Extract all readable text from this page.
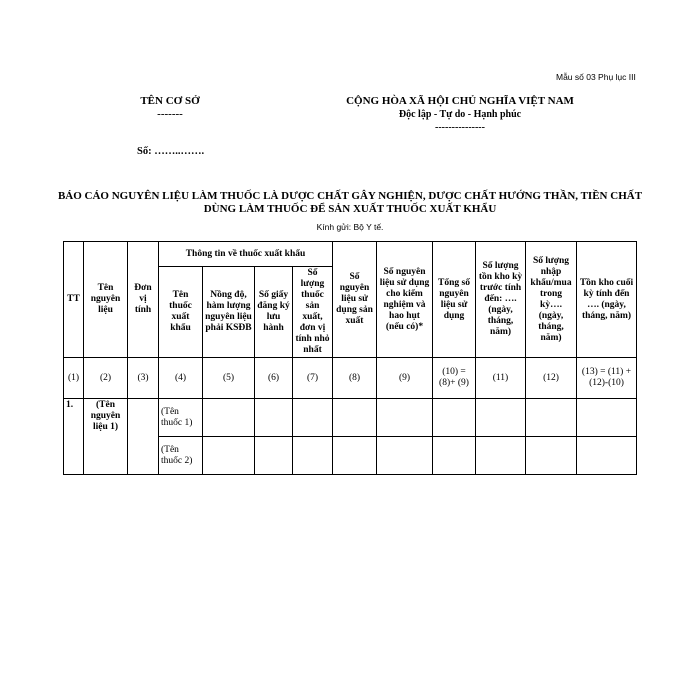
Mẫu số 03 Phụ lục III
TÊN CƠ SỞ
-------
CỘNG HÒA XÃ HỘI CHỦ NGHĨA VIỆT NAM
Độc lập - Tự do - Hạnh phúc
---------------
Số: ……..…….
BÁO CÁO NGUYÊN LIỆU LÀM THUỐC LÀ DƯỢC CHẤT GÂY NGHIỆN, DƯỢC CHẤT HƯỚNG THẦN, TIỀN CHẤT
DÙNG LÀM THUỐC ĐỂ SẢN XUẤT THUỐC XUẤT KHẨU
Kính gửi: Bộ Y tế.
TT	Tên nguyên liệu	Đơn vị tính	Thông tin về thuốc xuất khẩu				Số nguyên liệu sử dụng sản xuất	Số nguyên liệu sử dụng cho kiểm nghiệm và hao hụt (nếu có)*	Tổng số nguyên liệu sử dụng	Số lượng tồn kho kỳ trước tính đến: …. (ngày, tháng, năm)	Số lượng nhập khẩu/mua trong kỳ…. (ngày, tháng, năm)	Tồn kho cuối kỳ tính đến …. (ngày, tháng, năm)
			Tên thuốc xuất khẩu	Nồng độ, hàm lượng nguyên liệu phải KSĐB	Số giấy đăng ký lưu hành	Số lượng thuốc sản xuất, đơn vị tính nhỏ nhất						
(1)	(2)	(3)	(4)	(5)	(6)	(7)	(8)	(9)	(10) = (8)+ (9)	(11)	(12)	(13) = (11) + (12)-(10)
1.	(Tên nguyên liệu 1)		(Tên thuốc 1)									
			(Tên thuốc 2)									
